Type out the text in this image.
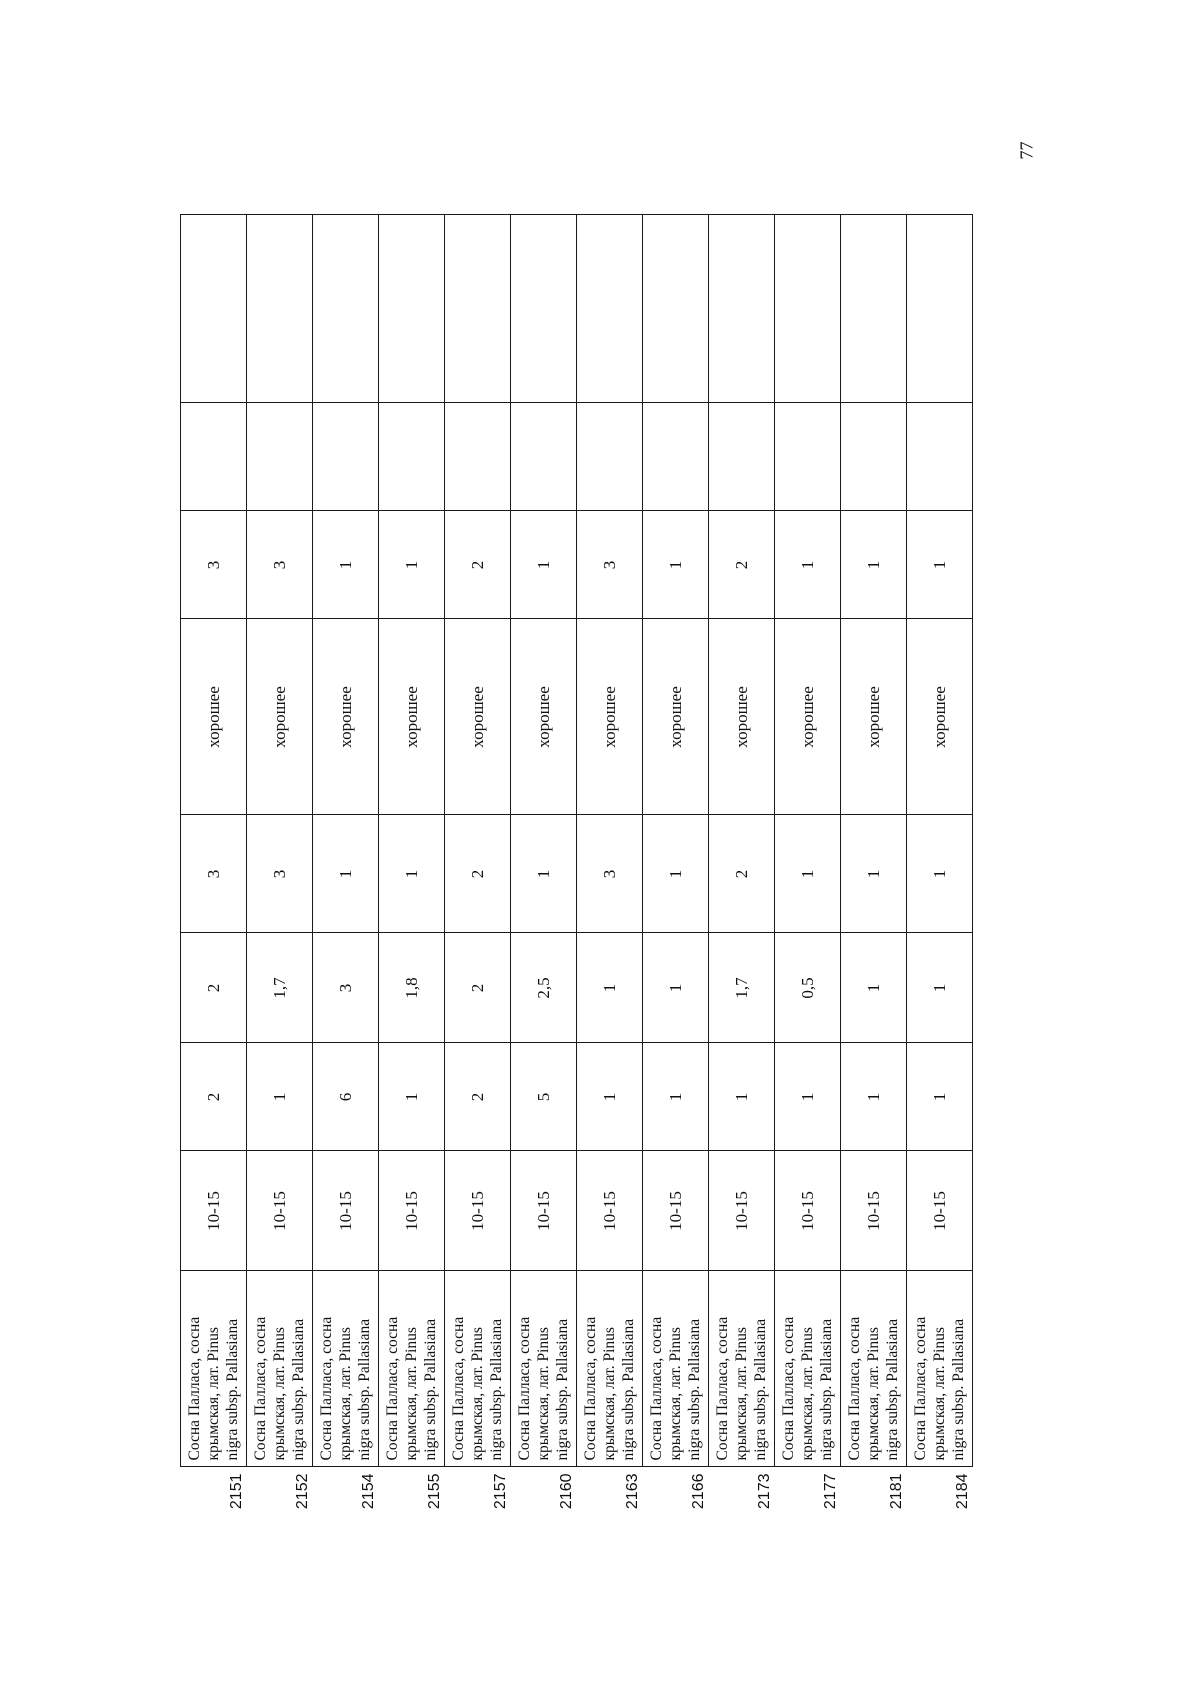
77
2151	Сосна Палласа, сосна крымская, лат. Pinus nigra subsp. Pallasiana	10-15	2	2	3	хорошее	3		
2152	Сосна Палласа, сосна крымская, лат. Pinus nigra subsp. Pallasiana	10-15	1	1,7	3	хорошее	3		
2154	Сосна Палласа, сосна крымская, лат. Pinus nigra subsp. Pallasiana	10-15	6	3	1	хорошее	1		
2155	Сосна Палласа, сосна крымская, лат. Pinus nigra subsp. Pallasiana	10-15	1	1,8	1	хорошее	1		
2157	Сосна Палласа, сосна крымская, лат. Pinus nigra subsp. Pallasiana	10-15	2	2	2	хорошее	2		
2160	Сосна Палласа, сосна крымская, лат. Pinus nigra subsp. Pallasiana	10-15	5	2,5	1	хорошее	1		
2163	Сосна Палласа, сосна крымская, лат. Pinus nigra subsp. Pallasiana	10-15	1	1	3	хорошее	3		
2166	Сосна Палласа, сосна крымская, лат. Pinus nigra subsp. Pallasiana	10-15	1	1	1	хорошее	1		
2173	Сосна Палласа, сосна крымская, лат. Pinus nigra subsp. Pallasiana	10-15	1	1,7	2	хорошее	2		
2177	Сосна Палласа, сосна крымская, лат. Pinus nigra subsp. Pallasiana	10-15	1	0,5	1	хорошее	1		
2181	Сосна Палласа, сосна крымская, лат. Pinus nigra subsp. Pallasiana	10-15	1	1	1	хорошее	1		
2184	Сосна Палласа, сосна крымская, лат. Pinus nigra subsp. Pallasiana	10-15	1	1	1	хорошее	1		
